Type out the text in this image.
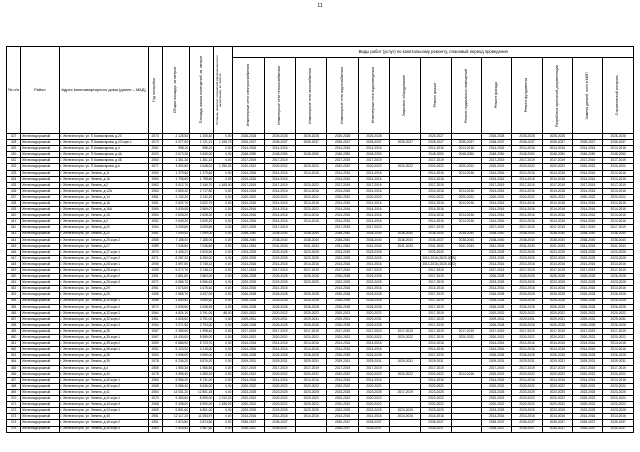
11
№ п/п	Район	Адрес многоквартирного дома (далее – МКД)	Год постройки	Общая площадь, кв.метров	Площадь жилых помещений, кв. метров	Площадь нежилых помещений (функционального назначения), кв. метров	Виды работ (услуг) по капитальному ремонту, плановый период проведения												

							Инженерные сети электроснабжения	Инженерные сети теплоснабжения	Инженерные сети газоснабжения	Инженерные сети водоснабжения	Инженерные сети водоотведения	Лифтовое оборудование	Ремонт крыши	Ремонт подвальных помещений	Ремонт фасада	Ремонт фундамента	Разработка проектной документации	Замена дверей, окон в МОП	Строительный контроль

427	Железнодорожный	г. Железногорск, ул. П.Комиссарова, д.23	1973	2 125,50	1 205,40	0,00	2026-2028	2026-2028	2026-2028	2026-2028	2026-2028		2025-2027		2026-2028	2026-2028	2026-2028		2026-2028
428	Железнодорожный	г. Железногорск, ул. П.Комиссарова, д.23 корп.1	1973	4 077,00	2 721,21	1 155,79	2025-2027	2035-2037	2035-2037	2035-2037	2035-2037	2035-2037	2025-2027	2035-2037	2035-2037	2035-2037	2035-2037	2025-2027	2035-2037
429	Железнодорожный	г. Железногорск, ул. П.Комиссарова, д.4	1962	998,10	998,10	0,00	2014-2016	2014-2016		2014-2016	2014-2016		2014-2016	2014-2016	2014-2016	2014-2016	2014-2016	2014-2016	2014-2016
430	Железнодорожный	г. Железногорск, ул. П.Комиссарова, д.4А	2003	2 673,28	2 630,00	0,00	2048-2050	2048-2050	2048-2050	2048-2050	2048-2050		2048-2050	2048-2050	2048-2050	2048-2050	2048-2050	2048-2050	2048-2050
431	Железнодорожный	г. Железногорск, ул. П.Комиссарова, д.4Б	1960	1 361,28	1 361,10	0,00	2017-2019	2017-2019		2017-2019	2017-2019		2017-2019		2017-2019	2017-2019	2017-2019	2017-2019	2017-2019
432	Железнодорожный	г. Железногорск, ул. П.Комиссарова, д.6	1977	3 992,80	2 648,02	1 255,00	2020-2022	2020-2022	2020-2022	2020-2022	2020-2022	2020-2022	2020-2022	2020-2022	2020-2022	2020-2022	2020-2022	2020-2022	2020-2022
433	Железнодорожный	г. Железногорск, ул. Ленина, д.11	1960	1 379,60	1 379,60	0,00	2014-2016	2014-2016	2014-2016	2014-2016	2014-2016		2014-2016	2014-2016	2014-2016	2014-2016	2014-2016	2014-2016	2014-2016
434	Железнодорожный	г. Железногорск, ул. Ленина, д.16	1960	1 798,80	1 798,80	0,00	2014-2016	2014-2016		2014-2016	2014-2016		2014-2016		2014-2016	2014-2016	2014-2016	2014-2016	2014-2016
435	Железнодорожный	г. Железногорск, ул. Ленина, д.2	1962	3 012,70	2 156,70	1 165,00	2017-2019	2017-2019	2020-2022	2017-2019	2017-2019		2017-2019		2017-2019	2017-2019	2017-2019	2017-2019	2017-2019
436	Железнодорожный	г. Железногорск, ул. Ленина, д.12А	1963	2 805,40	2 717,80	0,00	2014-2016	2014-2016	2014-2016	2014-2016	2014-2016		2014-2016	2014-2016	2014-2016	2014-2016	2014-2016	2014-2016	2014-2016
437	Железнодорожный	г. Железногорск, ул. Ленина, д.14	1961	2 132,20	2 132,20	0,00	2020-2022	2020-2022	2020-2022	2020-2022	2020-2022		2020-2022	2020-2022	2020-2022	2020-2022	2020-2022	2020-2022	2020-2022
438	Железнодорожный	г. Железногорск, ул. Ленина, д.16	1961	2 622,70	2 622,70	0,00	2014-2016	2014-2016	2014-2016	2014-2016	2014-2016		2014-2016	2014-2016	2014-2016	2014-2016	2014-2016	2014-2016	2014-2016
439	Железнодорожный	г. Железногорск, ул. Ленина, д.16А	1965	3 639,08	2 569,07	0,00	2014-2016	2014-2016	2020-2022	2014-2016	2014-2016		2014-2016		2014-2016	2014-2016	2014-2016	2014-2016	2014-2016
440	Железнодорожный	г. Железногорск, ул. Ленина, д.18	1964	2 628,20	2 628,20	0,00	2014-2016	2014-2016	2014-2016	2014-2016	2014-2016		2014-2016	2014-2016	2014-2016	2014-2016	2014-2016	2014-2016	2014-2016
441	Железнодорожный	г. Железногорск, ул. Ленина, д.2	1962	2 649,20	2 649,20	0,00	2014-2016	2014-2016	2014-2016	2014-2016	2014-2016		2014-2016	2014-2016	2014-2016	2014-2016	2014-2016	2014-2016	2014-2016
442	Железнодорожный	г. Железногорск, ул. Ленина, д.20	1964	3 009,69	3 009,69	0,00	2017-2019	2017-2019		2017-2019	2017-2019		2017-2019		2017-2019	2017-2019	2017-2019	2017-2019	2017-2019
443	Железнодорожный	г. Железногорск, ул. Ленина, д.22	1961	7 099,00	7 099,00	0,00	2038-2040	2038-2040	2038-2040	2038-2040	2038-2040	2038-2040	2038-2040	2038-2040	2038-2040	2038-2040	2038-2040	2038-2040	2038-2040
444	Железнодорожный	г. Железногорск, ул. Ленина, д.25 корп.2	1985	7 188,00	7 188,00	0,00	2038-2040	2038-2040	2038-2040	2038-2040	2038-2040	2038-2040	2035-2037	2038-2040	2038-2040	2038-2040	2038-2040	2038-2040	2038-2040
445	Железнодорожный	г. Железногорск, ул. Ленина, д.27	1989	7 046,80	7 046,80	0,00	2041-2043	2041-2043	2041-2043	2041-2043	2041-2043	2041-2043	2041-2043	2041-2043	2041-2043	2041-2043	2041-2043	2041-2043	2041-2043
446	Железнодорожный	г. Железногорск, ул. Ленина, д.27 корп.1	1970	4 405,21	3 525,50	0,00	2023-2025	2023-2025	2023-2025	2023-2025	2023-2025		2023-2025		2023-2025	2023-2025	2023-2025	2023-2025	2023-2025
447	Железнодорожный	г. Железногорск, ул. Ленина, д.27 корп.2	1971	6 287,20	6 290,00	0,00	2023-2025	2023-2025	2023-2025	2023-2025	2023-2025		2014-2016 (2023-2025)		2023-2025	2023-2025	2023-2025	2023-2025	2023-2025
448	Железнодорожный	г. Железногорск, ул. Ленина, д.28 корп.1	1965	3 597,50	3 748,12	0,00	2014-2016	2014-2016	2014-2016	2014-2016	2014-2016		2014-2016 (2020-2022)		2014-2016	2014-2016	2014-2016	2014-2016	2014-2016
449	Железнодорожный	г. Железногорск, ул. Ленина, д.28 корп.1	1965	5 072,70	3 748,12	0,00	2017-2019	2017-2019	2017-2019	2017-2019	2017-2019		2017-2019		2017-2019	2017-2019	2017-2019	2017-2019	2017-2019
450	Железнодорожный	г. Железногорск, ул. Ленина, д.28 корп.2	1961	2 861,80	2 864,00	0,00	2026-2028	2026-2028	2026-2028	2026-2028	2026-2028		2017-2019		2026-2028	2026-2028	2026-2028	2026-2028	2026-2028
451	Железнодорожный	г. Железногорск, ул. Ленина, д.28 корп.3	1971	6 856,70	5 596,63	0,00	2023-2025	2023-2025	2023-2025	2023-2025	2023-2025		2017-2019		2023-2025	2023-2025	2023-2025	2023-2025	2023-2025
452	Железнодорожный	г. Железногорск, ул. Ленина, д.29	1961	1 673,60	1 675,40	0,00	2014-2016	2014-2016		2014-2016	2014-2016		2014-2016		2014-2016	2014-2016	2014-2016	2014-2016	2014-2016
453	Железнодорожный	г. Железногорск, ул. Ленина, д.30	1965	2 965,70	2 637,00	0,00	2026-2028	2026-2028	2026-2028	2026-2028	2026-2028		2017-2019		2026-2028	2026-2028	2026-2028	2026-2028	2026-2028
454	Железнодорожный	г. Железногорск, ул. Ленина, д.30 корп.1	1966	3 640,50	3 640,50	0,00	2026-2028	2026-2028	2026-2028	2026-2028	2026-2028		2017-2019		2026-2028	2026-2028	2026-2028	2026-2028	2026-2028
455	Железнодорожный	г. Железногорск, ул. Ленина, д.30 корп.2	1972	2 639,50	2 638,99	0,00	2026-2028	2026-2028	2026-2028	2026-2028	2026-2028		2017-2019		2026-2028	2026-2028	2026-2028	2026-2028	2026-2028
456	Железнодорожный	г. Железногорск, ул. Ленина, д.32 корп.1	1964	4 824,10	3 791,00	88,00	2020-2022	2020-2022	2020-2022	2020-2022	2020-2022		2017-2019		2020-2022	2020-2022	2020-2022	2020-2022	2020-2022
457	Железнодорожный	г. Железногорск, ул. Ленина, д.32 корп.2	1961	4 825,50	3 791,00	0,00	2029-2031	2029-2031	2029-2031	2029-2031	2029-2031		2017-2019		2029-2031	2029-2031	2029-2031	2029-2031	2029-2031
458	Железнодорожный	г. Железногорск, ул. Ленина, д.32 корп.3	1964	3 071,50	2 793,00	0,00	2026-2028	2026-2028	2026-2028	2026-2028	2026-2028		2017-2019		2026-2028	2026-2028	2026-2028	2026-2028	2026-2028
459	Железнодорожный	г. Железногорск, ул. Ленина, д.35	1967	2 089,50	1 998,40	0,00	2017-2019	2017-2019	2017-2019	2017-2019	2017-2019	2017-2019	2017-2019	2017-2019	2017-2019	2017-2019	2017-2019	2017-2019	2017-2019
460	Железнодорожный	г. Железногорск, ул. Ленина, д.35 корп.1	1967	14 430,00	8 955,00	0,00	2020-2022	2020-2022	2020-2022	2020-2022	2020-2022	2020-2022	2017-2019	2020-2022	2020-2022	2020-2022	2020-2022	2020-2022	2020-2022
461	Железнодорожный	г. Железногорск, ул. Ленина, д.35 корп.2	1969	6 886,90	5 723,70	0,00	2014-2016	2014-2016	2014-2016	2014-2016	2014-2016		2014-2016		2014-2016	2014-2016	2014-2016	2014-2016	2014-2016
462	Железнодорожный	г. Железногорск, ул. Ленина, д.36 корп.1	1962	5 123,00	4 215,00	0,00	2014-2016	2014-2016	2014-2016	2014-2016	2014-2016		2014-2016		2014-2016	2014-2016	2014-2016	2014-2016	2014-2016
463	Железнодорожный	г. Железногорск, ул. Ленина, д.38	1963	3 596,00	3 596,00	0,00	2026-2028	2026-2028	2026-2028	2026-2028	2026-2028		2017-2019		2026-2028	2026-2028	2026-2028	2026-2028	2026-2028
464	Железнодорожный	г. Железногорск, ул. Ленина, д.39	1978	8 236,20	5 876,20	0,00	2029-2031	2029-2031	2029-2031	2029-2031	2029-2031	2029-2031	2029-2031		2029-2031	2029-2031	2029-2031	2029-2031	2029-2031
465	Железнодорожный	г. Железногорск, ул. Ленина, д.4	1959	1 950,30	1 966,80	0,00	2017-2019	2017-2019	2017-2019	2017-2019	2017-2019		2017-2019		2017-2019	2017-2019	2017-2019	2017-2019	2017-2019
466	Железнодорожный	г. Железногорск, ул. Ленина, д.40	1976	4 956,40	4 350,20	0,00	2020-2022	2020-2022	2020-2022	2020-2022	2020-2022	2020-2022	2020-2022	2014-2016	2020-2022	2020-2022	2020-2022	2020-2022	2020-2022
467	Железнодорожный	г. Железногорск, ул. Ленина, д.40 корп.1	1969	5 986,20	5 731,00	0,00	2014-2016	2014-2016	2014-2016	2014-2016	2014-2016		2014-2016		2014-2016	2014-2016	2014-2016	2014-2016	2014-2016
468	Железнодорожный	г. Железногорск, ул. Ленина, д.40 корп.2	1968	5 986,40	5 636,00	0,00	2020-2022	2020-2022	2020-2022	2020-2022	2020-2022		2020-2022		2020-2022	2020-2022	2020-2022	2020-2022	2020-2022
469	Железнодорожный	г. Железногорск, ул. Ленина, д.41	1984	13 531,20	12 851,28	0,00	2023-2025	2023-2025	2023-2025	2023-2025	2023-2025	2017-2019	2023-2025		2023-2025	2023-2025	2023-2025	2023-2025	2023-2025
470	Железнодорожный	г. Железногорск, ул. Ленина, д.41 корп.1	1970	9 483,60	8 959,00	1 012,20	2020-2022	2020-2022	2020-2022	2020-2022	2020-2022		2020-2022		2020-2022	2020-2022	2020-2022	2020-2022	2020-2022
471	Железнодорожный	г. Железногорск, ул. Ленина, д.43 корп.3	1968	9 338,00	6 990,00	1 535,20	2020-2022	2020-2022	2020-2022	2020-2022	2020-2022		2020-2022		2020-2022	2020-2022	2020-2022	2020-2022	2020-2022
472	Железнодорожный	г. Железногорск, ул. Ленина, д.43 корп.1	1969	6 851,60	6 851,00	0,00	2023-2025	2023-2025	2023-2025	2023-2025	2023-2025	2023-2025	2023-2025		2023-2025	2023-2025	2023-2025	2023-2025	2023-2025
473	Железнодорожный	г. Железногорск, ул. Ленина, д.45	1961	12 117,20	11 054,97	0,00	2014-2016	2014-2016	2014-2016	2014-2016	2014-2016	2014-2016	2014-2016		2014-2016	2014-2016	2014-2016	2014-2016	2014-2016
474	Железнодорожный	г. Железногорск, ул. Ленина, д.45 корп.2	1961	2 874,80	2 874,80	0,00	2035-2037	2035-2037		2035-2037	2035-2037		2035-2037		2035-2037	2035-2037	2035-2037	2035-2037	2035-2037
475	Железнодорожный	г. Железногорск, ул. Ленина, д.45 корп.3	1963	2 533,50	2 467,50	0,00	2035-2037	2035-2037		2035-2037	2035-2037		2035-2037		2035-2037	2035-2037	2035-2037	2035-2037	2035-2037
